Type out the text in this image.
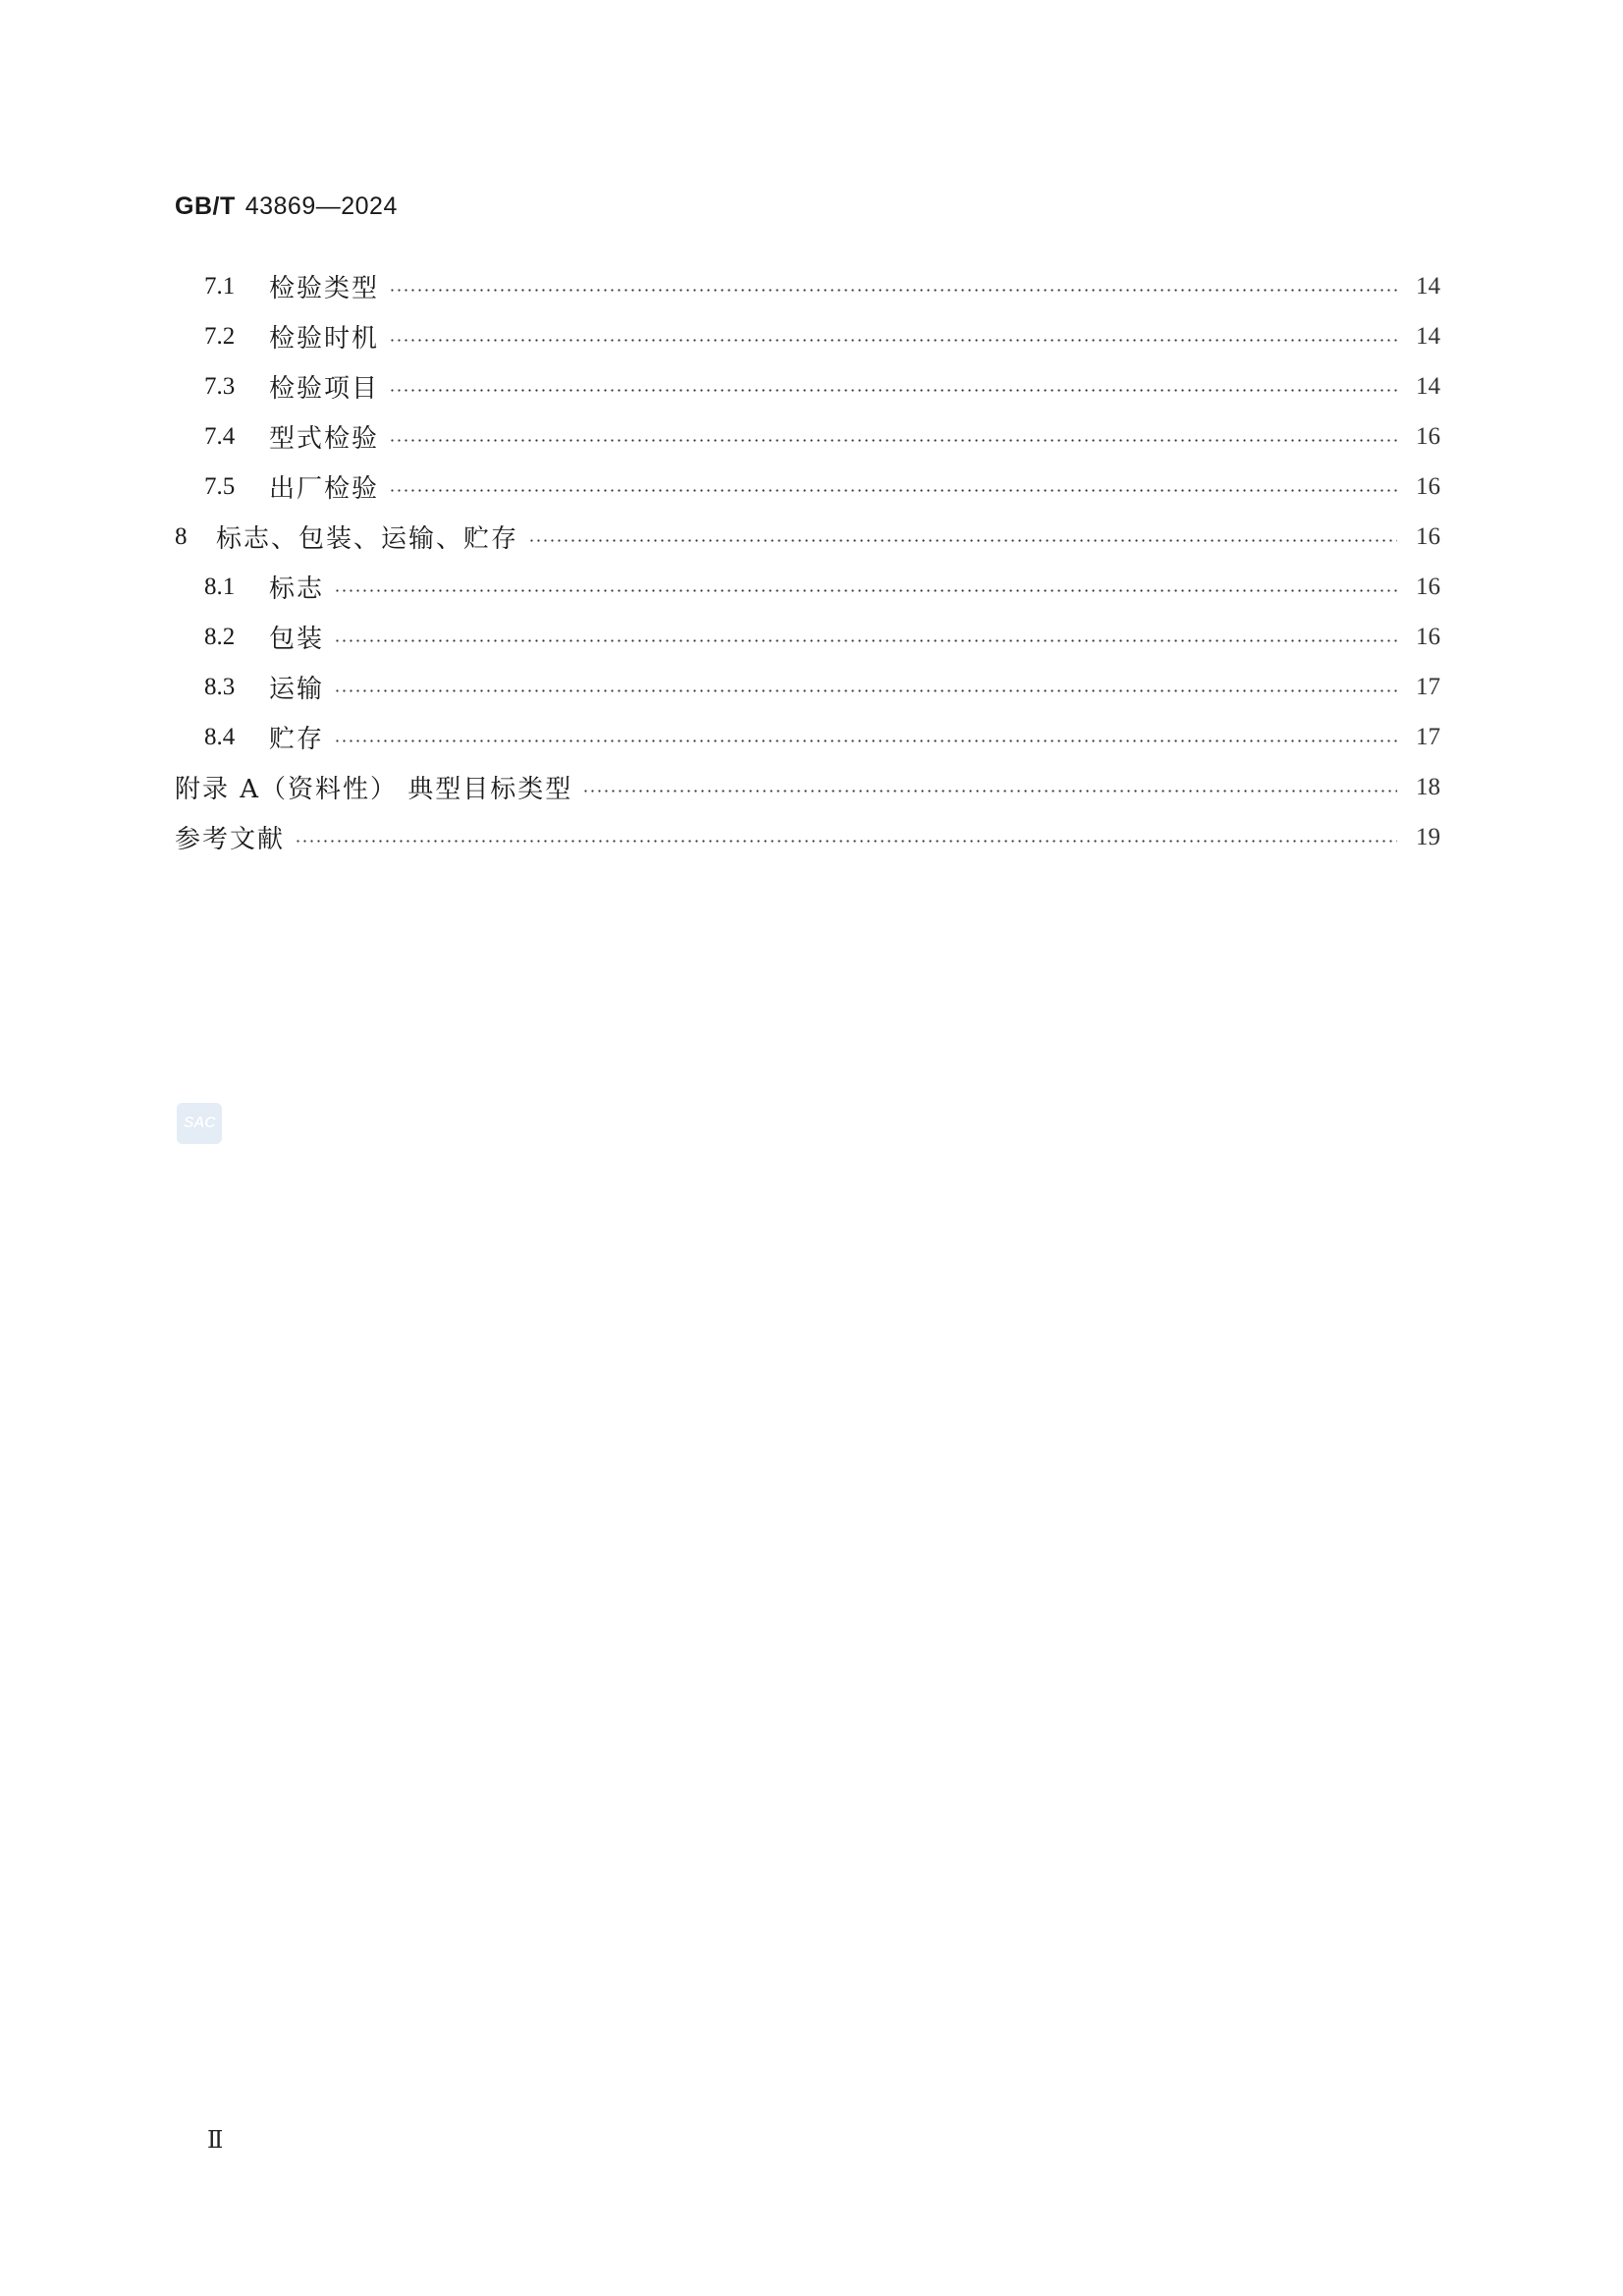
GB/T 43869—2024
7.1	检验类型	14
7.2	检验时机	14
7.3	检验项目	14
7.4	型式检验	16
7.5	出厂检验	16
8 标志、包装、运输、贮存	16
8.1	标志	16
8.2	包装	16
8.3	运输	17
8.4	贮存	17
附录 A（资料性） 典型目标类型	18
参考文献	19
SAC
Ⅱ
